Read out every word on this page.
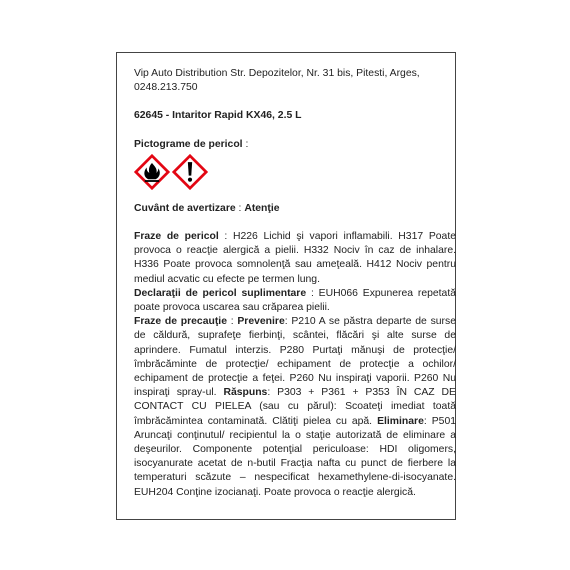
Vip Auto Distribution Str. Depozitelor, Nr. 31 bis, Pitesti, Arges,
0248.213.750

62645 - Intaritor Rapid KX46, 2.5 L

Pictograme de pericol :

Cuvânt de avertizare : Atenţie

Fraze de pericol : H226 Lichid şi vapori inflamabili. H317 Poate provoca o reacţie alergică a pielii. H332 Nociv în caz de inhalare. H336 Poate provoca somnolenţă sau ameţeală. H412 Nociv pentru mediul acvatic cu efecte pe termen lung.

Declaraţii de pericol suplimentare : EUH066 Expunerea repetată poate provoca uscarea sau crăparea pielii.

Fraze de precauţie : Prevenire: P210 A se păstra departe de surse de căldură, suprafeţe fierbinţi, scântei, flăcări şi alte surse de aprindere. Fumatul interzis. P280 Purtaţi mănuşi de protecţie/ îmbrăcăminte de protecţie/ echipament de protecţie a ochilor/ echipament de protecţie a feţei. P260 Nu inspiraţi vaporii. P260 Nu inspiraţi spray-ul. Răspuns: P303 + P361 + P353 ÎN CAZ DE CONTACT CU PIELEA (sau cu părul): Scoateţi imediat toată îmbrăcămintea contaminată. Clătiţi pielea cu apă. Eliminare: P501 Aruncaţi conţinutul/ recipientul la o staţie autorizată de eliminare a deşeurilor. Componente potenţial periculoase: HDI oligomers, isocyanurate acetat de n-butil Fracţia nafta cu punct de fierbere la temperaturi scăzute – nespecificat hexamethylene-di-isocyanate. EUH204 Conţine izocianaţi. Poate provoca o reacţie alergică.
